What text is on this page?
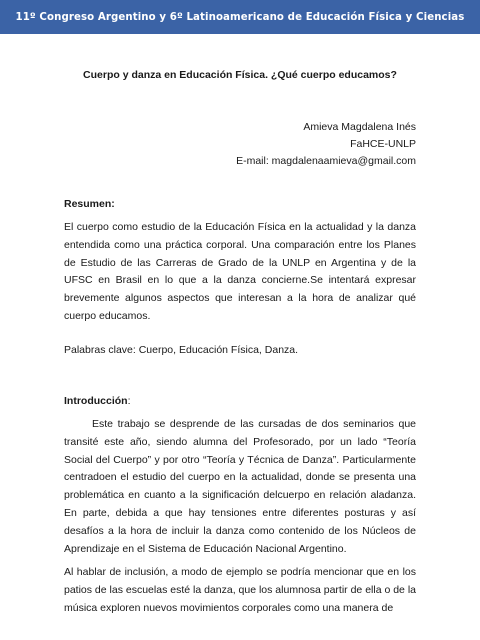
11º Congreso Argentino y 6º Latinoamericano de Educación Física y Ciencias
Cuerpo y danza en Educación Física. ¿Qué cuerpo educamos?
Amieva Magdalena Inés
FaHCE-UNLP
E-mail: magdalenaamieva@gmail.com
Resumen:
El cuerpo como estudio de la Educación Física en la actualidad y la danza entendida como una práctica corporal. Una comparación entre los Planes de Estudio de las Carreras de Grado de la UNLP en Argentina y de la UFSC en Brasil en lo que a la danza concierne.Se intentará expresar brevemente algunos aspectos que interesan a la hora de analizar qué cuerpo educamos.
Palabras clave: Cuerpo, Educación Física, Danza.
Introducción:
Este trabajo se desprende de las cursadas de dos seminarios que transité este año, siendo alumna del Profesorado, por un lado “Teoría Social del Cuerpo” y por otro “Teoría y Técnica de Danza”. Particularmente centradoen el estudio del cuerpo en la actualidad, donde se presenta una problemática en cuanto a la significación delcuerpo en relación aladanza. En parte, debida a que hay tensiones entre diferentes posturas y así desafíos a la hora de incluir la danza como contenido de los Núcleos de Aprendizaje en el Sistema de Educación Nacional Argentino.
Al hablar de inclusión, a modo de ejemplo se podría mencionar que en los patios de las escuelas esté la danza, que los alumnosa partir de ella o de la música exploren nuevos movimientos corporales como una manera de
